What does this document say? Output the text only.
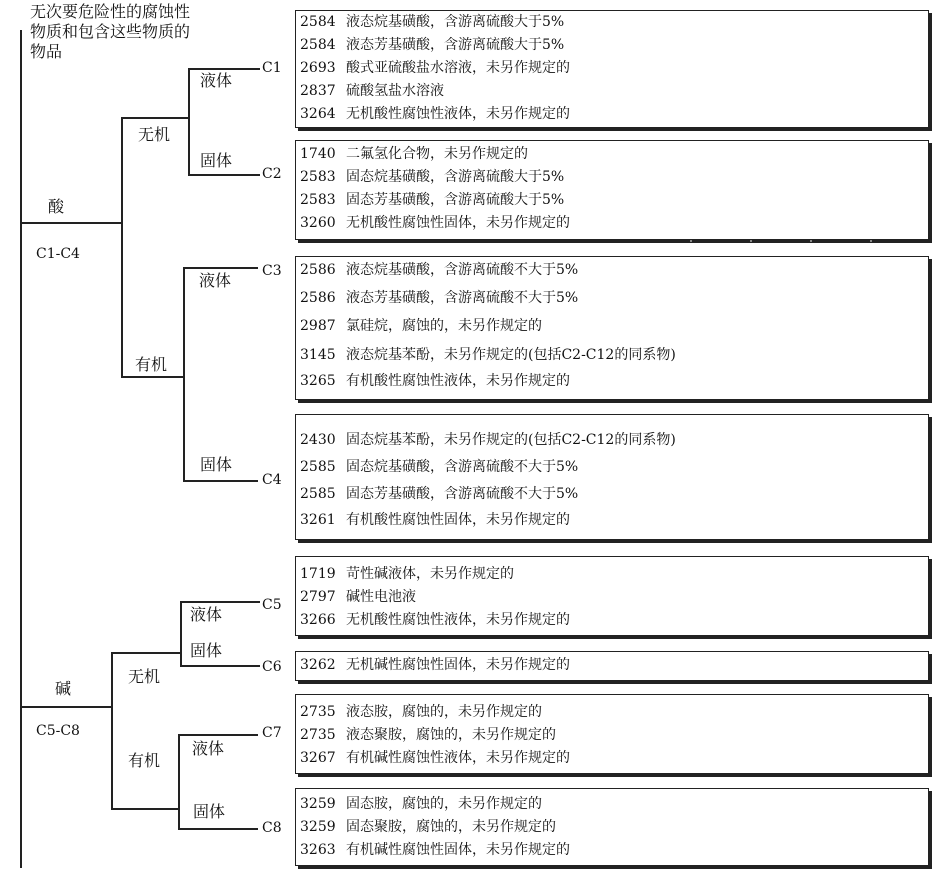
无次要危险性的腐蚀性物质和包含这些物质的物品
酸
C1-C4
无机
液体
固体
有机
液体
固体
碱
C5-C8
无机
液体
固体
有机
液体
固体
C1
C2
C3
C4
C5
C6
C7
C8
2584 液态烷基磺酸，含游离硫酸大于5%
2584 液态芳基磺酸，含游离硫酸大于5%
2693 酸式亚硫酸盐水溶液，未另作规定的
2837 硫酸氢盐水溶液
3264 无机酸性腐蚀性液体，未另作规定的
1740 二氟氢化合物，未另作规定的
2583 固态烷基磺酸，含游离硫酸大于5%
2583 固态芳基磺酸，含游离硫酸大于5%
3260 无机酸性腐蚀性固体，未另作规定的
2586 液态烷基磺酸，含游离硫酸不大于5%
2586 液态芳基磺酸，含游离硫酸不大于5%
2987 氯硅烷，腐蚀的，未另作规定的
3145 液态烷基苯酚，未另作规定的(包括C2-C12的同系物)
3265 有机酸性腐蚀性液体，未另作规定的
2430 固态烷基苯酚，未另作规定的(包括C2-C12的同系物)
2585 固态烷基磺酸，含游离硫酸不大于5%
2585 固态芳基磺酸，含游离硫酸不大于5%
3261 有机酸性腐蚀性固体，未另作规定的
1719 苛性碱液体，未另作规定的
2797 碱性电池液
3266 无机酸性腐蚀性液体，未另作规定的
3262 无机碱性腐蚀性固体，未另作规定的
2735 液态胺，腐蚀的，未另作规定的
2735 液态聚胺，腐蚀的，未另作规定的
3267 有机碱性腐蚀性液体，未另作规定的
3259 固态胺，腐蚀的，未另作规定的
3259 固态聚胺，腐蚀的，未另作规定的
3263 有机碱性腐蚀性固体，未另作规定的
